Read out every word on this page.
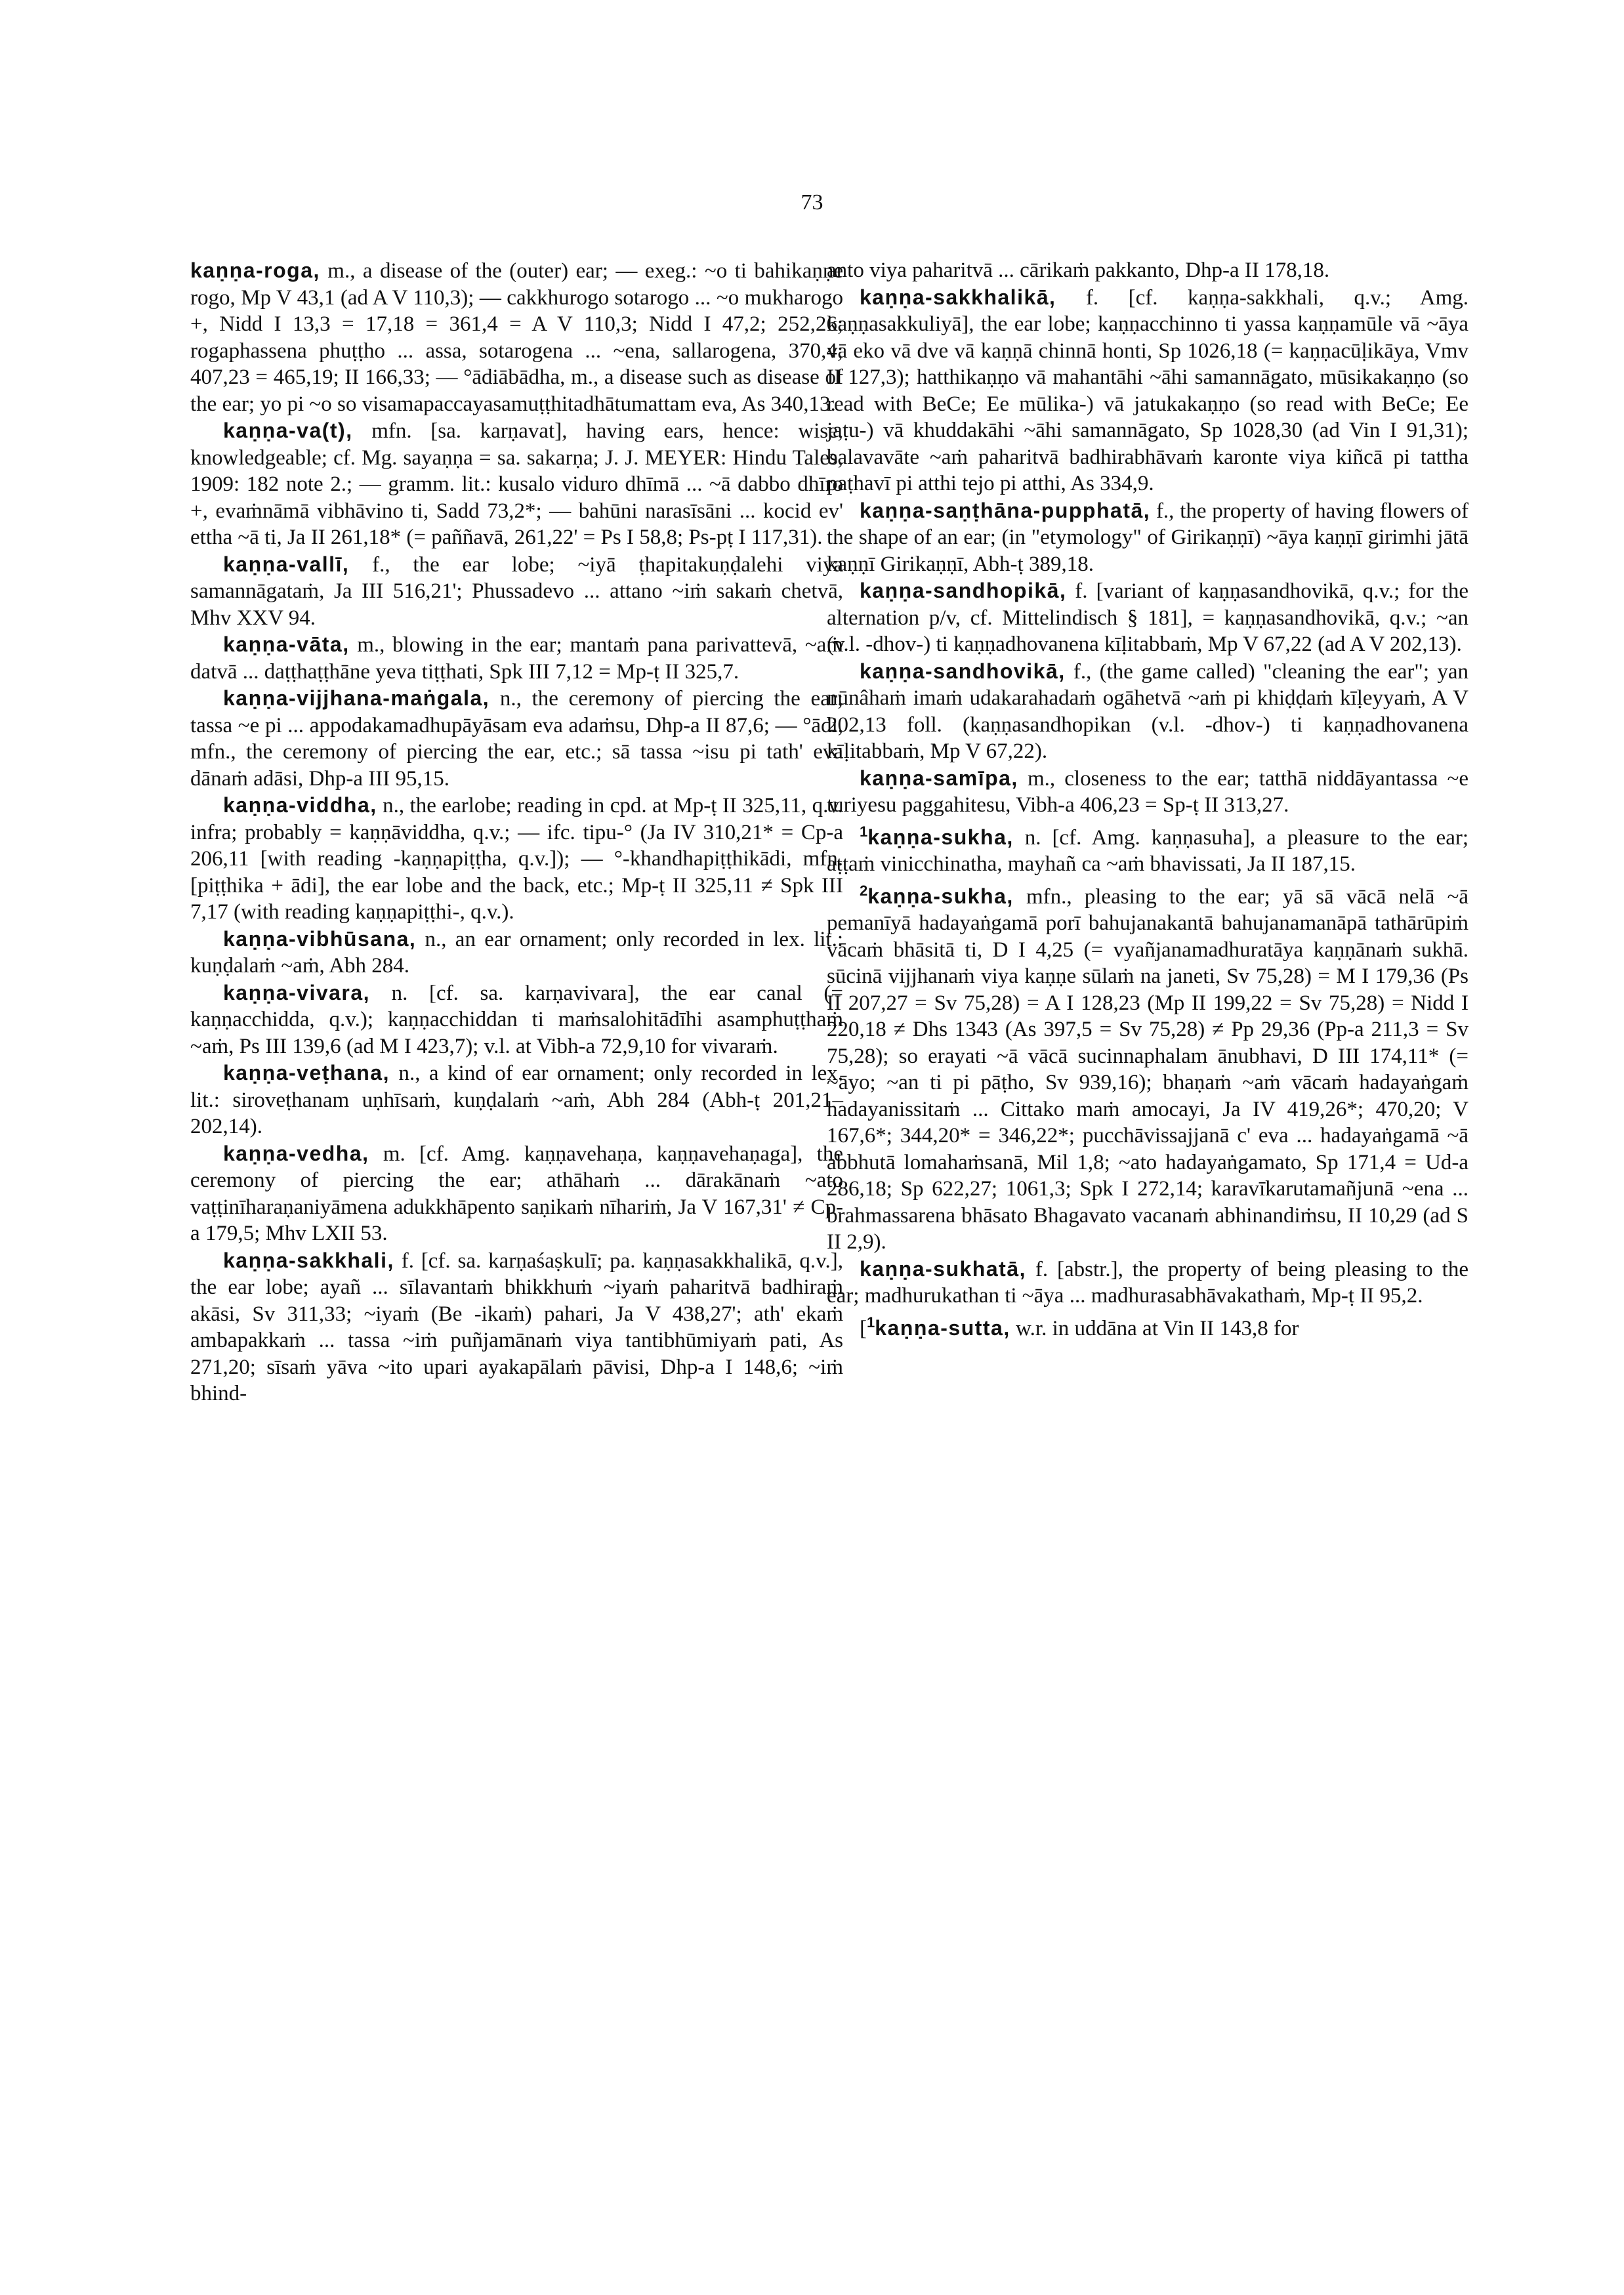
73

kaṇṇa-roga, m., a disease of the (outer) ear; — exeg.: ~o ti bahikaṇṇe rogo, Mp V 43,1 (ad A V 110,3); — cakkhurogo sotarogo ... ~o mukharogo +, Nidd I 13,3 = 17,18 = 361,4 = A V 110,3; Nidd I 47,2; 252,26; rogaphassena phuṭṭho ... assa, sotarogena ... ~ena, sallarogena, 370,4; 407,23 = 465,19; II 166,33; — °ādiābādha, m., a disease such as disease of the ear; yo pi ~o so visamapaccayasamuṭṭhitadhātumattam eva, As 340,13.

kaṇṇa-va(t), mfn. [sa. karṇavat], having ears, hence: wise, knowledgeable; cf. Mg. sayaṇṇa = sa. sakarṇa; J. J. MEYER: Hindu Tales, 1909: 182 note 2.; — gramm. lit.: kusalo viduro dhīmā ... ~ā dabbo dhīro +, evaṁnāmā vibhāvino ti, Sadd 73,2*; — bahūni narasīsāni ... kocid ev' ettha ~ā ti, Ja II 261,18* (= paññavā, 261,22' = Ps I 58,8; Ps-pṭ I 117,31).

kaṇṇa-vallī, f., the ear lobe; ~iyā ṭhapitakuṇḍalehi viya samannāgataṁ, Ja III 516,21'; Phussadevo ... attano ~iṁ sakaṁ chetvā, Mhv XXV 94.

kaṇṇa-vāta, m., blowing in the ear; mantaṁ pana parivattevā, ~aṁ datvā ... daṭṭhaṭṭhāne yeva tiṭṭhati, Spk III 7,12 = Mp-ṭ II 325,7.

kaṇṇa-vijjhana-maṅgala, n., the ceremony of piercing the ear; tassa ~e pi ... appodakamadhupāyāsam eva adaṁsu, Dhp-a II 87,6; — °ādi, mfn., the ceremony of piercing the ear, etc.; sā tassa ~isu pi tath' eva dānaṁ adāsi, Dhp-a III 95,15.

kaṇṇa-viddha, n., the earlobe; reading in cpd. at Mp-ṭ II 325,11, q.v. infra; probably = kaṇṇāviddha, q.v.; — ifc. tipu-° (Ja IV 310,21* = Cp-a 206,11 [with reading -kaṇṇapiṭṭha, q.v.]); — °-khandhapiṭṭhikādi, mfn. [piṭṭhika + ādi], the ear lobe and the back, etc.; Mp-ṭ II 325,11 ≠ Spk III 7,17 (with reading kaṇṇapiṭṭhi-, q.v.).

kaṇṇa-vibhūsana, n., an ear ornament; only recorded in lex. lit.: kuṇḍalaṁ ~aṁ, Abh 284.

kaṇṇa-vivara, n. [cf. sa. karṇavivara], the ear canal (= kaṇṇacchidda, q.v.); kaṇṇacchiddan ti maṁsalohitādīhi asamphuṭṭhaṁ ~aṁ, Ps III 139,6 (ad M I 423,7); v.l. at Vibh-a 72,9,10 for vivaraṁ.

kaṇṇa-veṭhana, n., a kind of ear ornament; only recorded in lex. lit.: siroveṭhanam uṇhīsaṁ, kuṇḍalaṁ ~aṁ, Abh 284 (Abh-ṭ 201,21–202,14).

kaṇṇa-vedha, m. [cf. Amg. kaṇṇavehaṇa, kaṇṇavehaṇaga], the ceremony of piercing the ear; athāhaṁ ... dārakānaṁ ~ato vaṭṭinīharaṇaniyāmena adukkhāpento saṇikaṁ nīhariṁ, Ja V 167,31' ≠ Cp-a 179,5; Mhv LXII 53.

kaṇṇa-sakkhali, f. [cf. sa. karṇaśaṣkulī; pa. kaṇṇasakkhalikā, q.v.], the ear lobe; ayañ ... sīlavantaṁ bhikkhuṁ ~iyaṁ paharitvā badhiraṁ akāsi, Sv 311,33; ~iyaṁ (Be -ikaṁ) pahari, Ja V 438,27'; ath' ekaṁ ambapakkaṁ ... tassa ~iṁ puñjamānaṁ viya tantibhūmiyaṁ pati, As 271,20; sīsaṁ yāva ~ito upari ayakapālaṁ pāvisi, Dhp-a I 148,6; ~iṁ bhind-

anto viya paharitvā ... cārikaṁ pakkanto, Dhp-a II 178,18.

kaṇṇa-sakkhalikā, f. [cf. kaṇṇa-sakkhali, q.v.; Amg. kaṇṇasakkuliyā], the ear lobe; kaṇṇacchinno ti yassa kaṇṇamūle vā ~āya vā eko vā dve vā kaṇṇā chinnā honti, Sp 1026,18 (= kaṇṇacūḷikāya, Vmv II 127,3); hatthikaṇṇo vā mahantāhi ~āhi samannāgato, mūsikakaṇṇo (so read with BeCe; Ee mūlika-) vā jatukakaṇṇo (so read with BeCe; Ee jaṭu-) vā khuddakāhi ~āhi samannāgato, Sp 1028,30 (ad Vin I 91,31); balavavāte ~aṁ paharitvā badhirabhāvaṁ karonte viya kiñcā pi tattha paṭhavī pi atthi tejo pi atthi, As 334,9.

kaṇṇa-saṇṭhāna-pupphatā, f., the property of having flowers of the shape of an ear; (in "etymology" of Girikaṇṇī) ~āya kaṇṇī girimhi jātā kaṇṇī Girikaṇṇī, Abh-ṭ 389,18.

kaṇṇa-sandhopikā, f. [variant of kaṇṇasandhovikā, q.v.; for the alternation p/v, cf. Mittelindisch § 181], = kaṇṇasandhovikā, q.v.; ~an (v.l. -dhov-) ti kaṇṇadhovanena kīḷitabbaṁ, Mp V 67,22 (ad A V 202,13).

kaṇṇa-sandhovikā, f., (the game called) "cleaning the ear"; yan nūnâhaṁ imaṁ udakarahadaṁ ogāhetvā ~aṁ pi khiḍḍaṁ kīḷeyyaṁ, A V 202,13 foll. (kaṇṇasandhopikan (v.l. -dhov-) ti kaṇṇadhovanena kīḷitabbaṁ, Mp V 67,22).

kaṇṇa-samīpa, m., closeness to the ear; tatthā niddāyantassa ~e turiyesu paggahitesu, Vibh-a 406,23 = Sp-ṭ II 313,27.

$^1$kaṇṇa-sukha, n. [cf. Amg. kaṇṇasuha], a pleasure to the ear; aṭṭaṁ vinicchinatha, mayhañ ca ~aṁ bhavissati, Ja II 187,15.

$^2$kaṇṇa-sukha, mfn., pleasing to the ear; yā sā vācā nelā ~ā pemanīyā hadayaṅgamā porī bahujanakantā bahujanamanāpā tathārūpiṁ vācaṁ bhāsitā ti, D I 4,25 (= vyañjanamadhuratāya kaṇṇānaṁ sukhā. sūcinā vijjhanaṁ viya kaṇṇe sūlaṁ na janeti, Sv 75,28) = M I 179,36 (Ps II 207,27 = Sv 75,28) = A I 128,23 (Mp II 199,22 = Sv 75,28) = Nidd I 220,18 ≠ Dhs 1343 (As 397,5 = Sv 75,28) ≠ Pp 29,36 (Pp-a 211,3 = Sv 75,28); so erayati ~ā vācā sucinnaphalam ānubhavi, D III 174,11* (= ~āyo; ~an ti pi pāṭho, Sv 939,16); bhaṇaṁ ~aṁ vācaṁ hadayaṅgaṁ hadayanissitaṁ ... Cittako maṁ amocayi, Ja IV 419,26*; 470,20; V 167,6*; 344,20* = 346,22*; pucchāvissajjanā c' eva ... hadayaṅgamā ~ā abbhutā lomahaṁsanā, Mil 1,8; ~ato hadayaṅgamato, Sp 171,4 = Ud-a 286,18; Sp 622,27; 1061,3; Spk I 272,14; karavīkarutamañjunā ~ena ... brahmassarena bhāsato Bhagavato vacanaṁ abhinandiṁsu, II 10,29 (ad S II 2,9).

kaṇṇa-sukhatā, f. [abstr.], the property of being pleasing to the ear; madhurukathan ti ~āya ... madhurasabhāvakathaṁ, Mp-ṭ II 95,2.

[$^1$kaṇṇa-sutta, w.r. in uddāna at Vin II 143,8 for
